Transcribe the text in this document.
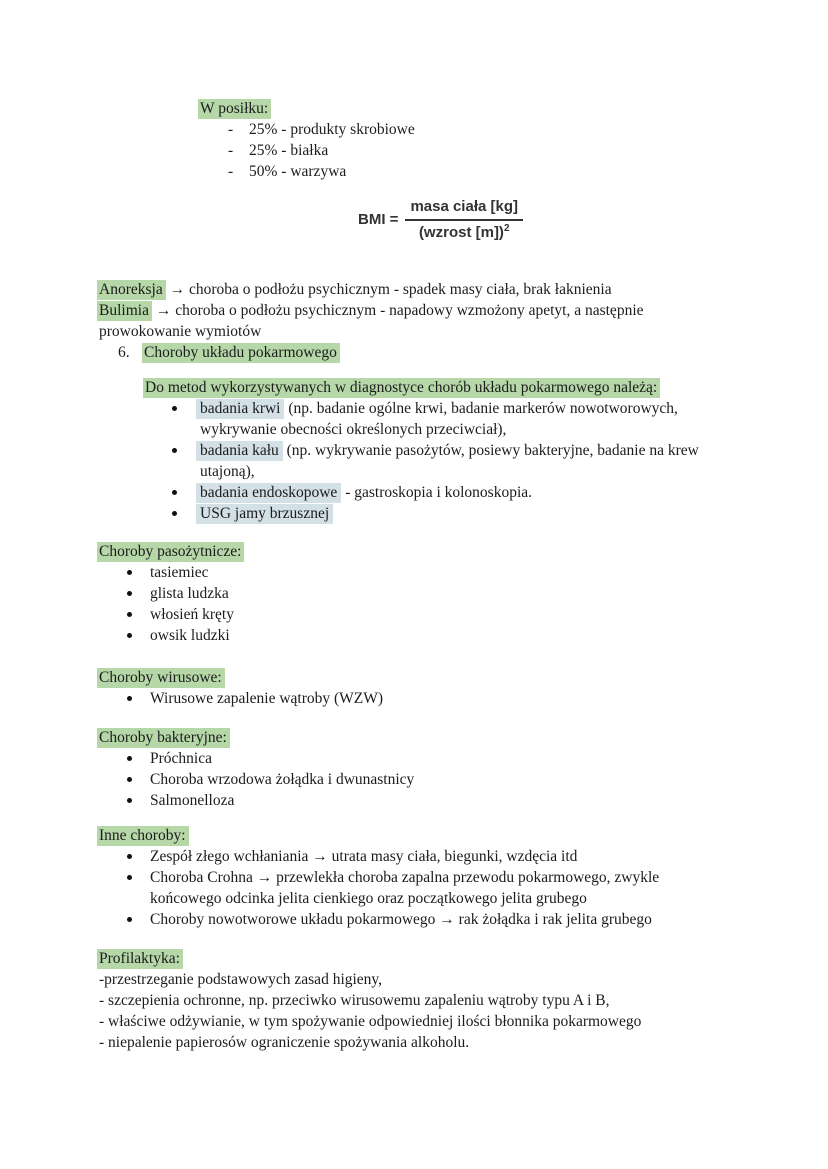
W posiłku:

-	25% - produkty skrobiowe
-	25% - białka
-	50% - warzywa
BMI = $\frac{\text{masa ciała [kg]}}{(wzrost [m])^2}$

Anoreksja → choroba o podłożu psychicznym - spadek masy ciała, brak łaknienia

Bulimia → choroba o podłożu psychicznym - napadowy wzmożony apetyt, a następnie prowokowanie wymiotów

6. Choroby układu pokarmowego

Do metod wykorzystywanych w diagnostyce chorób układu pokarmowego należą:

badania krwi (np. badanie ogólne krwi, badanie markerów nowotworowych, wykrywanie obecności określonych przeciwciał),
badania kału (np. wykrywanie pasożytów, posiewy bakteryjne, badanie na krew utajoną),
badania endoskopowe - gastroskopia i kolonoskopia.
USG jamy brzusznej

Choroby pasożytnicze:

tasiemiec
glista ludzka
włosień kręty
owsik ludzki

Choroby wirusowe:

Wirusowe zapalenie wątroby (WZW)

Choroby bakteryjne:

Próchnica
Choroba wrzodowa żołądka i dwunastnicy
Salmonelloza

Inne choroby:

Zespół złego wchłaniania → utrata masy ciała, biegunki, wzdęcia itd
Choroba Crohna → przewlekła choroba zapalna przewodu pokarmowego, zwykle końcowego odcinka jelita cienkiego oraz początkowego jelita grubego
Choroby nowotworowe układu pokarmowego → rak żołądka i rak jelita grubego

Profilaktyka:

-przestrzeganie podstawowych zasad higieny,

- szczepienia ochronne, np. przeciwko wirusowemu zapaleniu wątroby typu A i B,

- właściwe odżywianie, w tym spożywanie odpowiedniej ilości błonnika pokarmowego

- niepalenie papierosów ograniczenie spożywania alkoholu.
